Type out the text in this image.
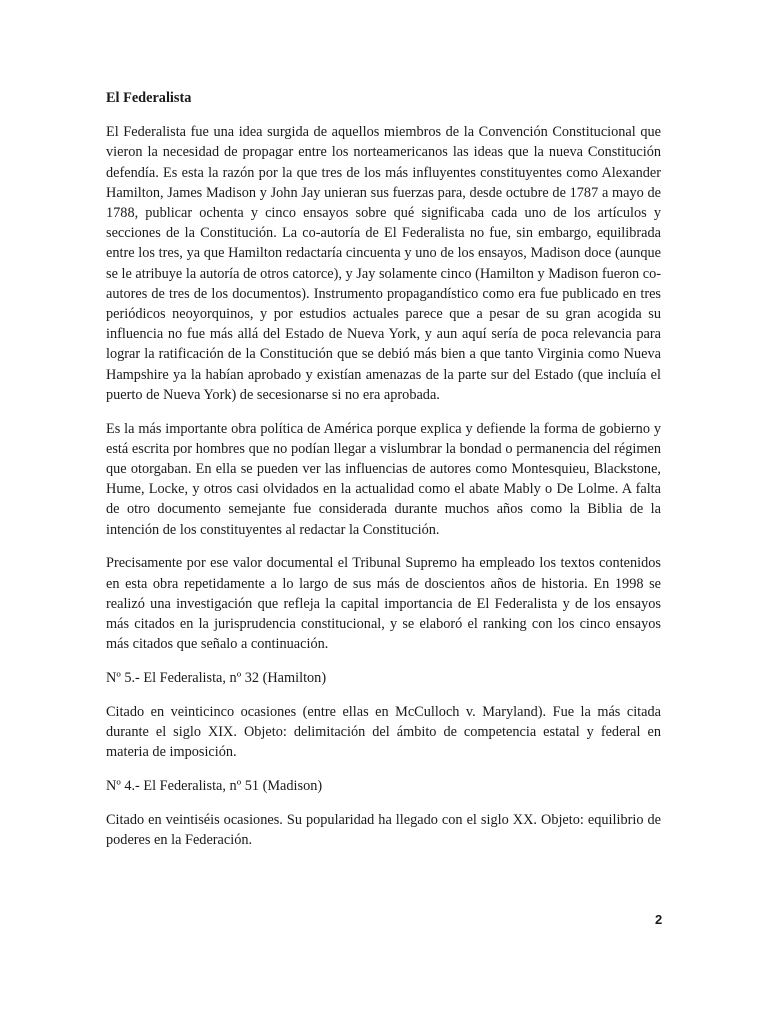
El Federalista

El Federalista fue una idea surgida de aquellos miembros de la Convención Constitucional que vieron la necesidad de propagar entre los norteamericanos las ideas que la nueva Constitución defendía. Es esta la razón por la que tres de los más influyentes constituyentes como Alexander Hamilton, James Madison y John Jay unieran sus fuerzas para, desde octubre de 1787 a mayo de 1788, publicar ochenta y cinco ensayos sobre qué significaba cada uno de los artículos y secciones de la Constitución. La co-autoría de El Federalista no fue, sin embargo, equilibrada entre los tres, ya que Hamilton redactaría cincuenta y uno de los ensayos, Madison doce (aunque se le atribuye la autoría de otros catorce), y Jay solamente cinco (Hamilton y Madison fueron co-autores de tres de los documentos). Instrumento propagandístico como era fue publicado en tres periódicos neoyorquinos, y por estudios actuales parece que a pesar de su gran acogida su influencia no fue más allá del Estado de Nueva York, y aun aquí sería de poca relevancia para lograr la ratificación de la Constitución que se debió más bien a que tanto Virginia como Nueva Hampshire ya la habían aprobado y existían amenazas de la parte sur del Estado (que incluía el puerto de Nueva York) de secesionarse si no era aprobada.

Es la más importante obra política de América porque explica y defiende la forma de gobierno y está escrita por hombres que no podían llegar a vislumbrar la bondad o permanencia del régimen que otorgaban. En ella se pueden ver las influencias de autores como Montesquieu, Blackstone, Hume, Locke, y otros casi olvidados en la actualidad como el abate Mably o De Lolme. A falta de otro documento semejante fue considerada durante muchos años como la Biblia de la intención de los constituyentes al redactar la Constitución.

Precisamente por ese valor documental el Tribunal Supremo ha empleado los textos contenidos en esta obra repetidamente a lo largo de sus más de doscientos años de historia. En 1998 se realizó una investigación que refleja la capital importancia de El Federalista y de los ensayos más citados en la jurisprudencia constitucional, y se elaboró el ranking con los cinco ensayos más citados que señalo a continuación.

Nº 5.- El Federalista, nº 32 (Hamilton)

Citado en veinticinco ocasiones (entre ellas en McCulloch v. Maryland). Fue la más citada durante el siglo XIX. Objeto: delimitación del ámbito de competencia estatal y federal en materia de imposición.

Nº 4.- El Federalista, nº 51 (Madison)

Citado en veintiséis ocasiones. Su popularidad ha llegado con el siglo XX. Objeto: equilibrio de poderes en la Federación.

2
